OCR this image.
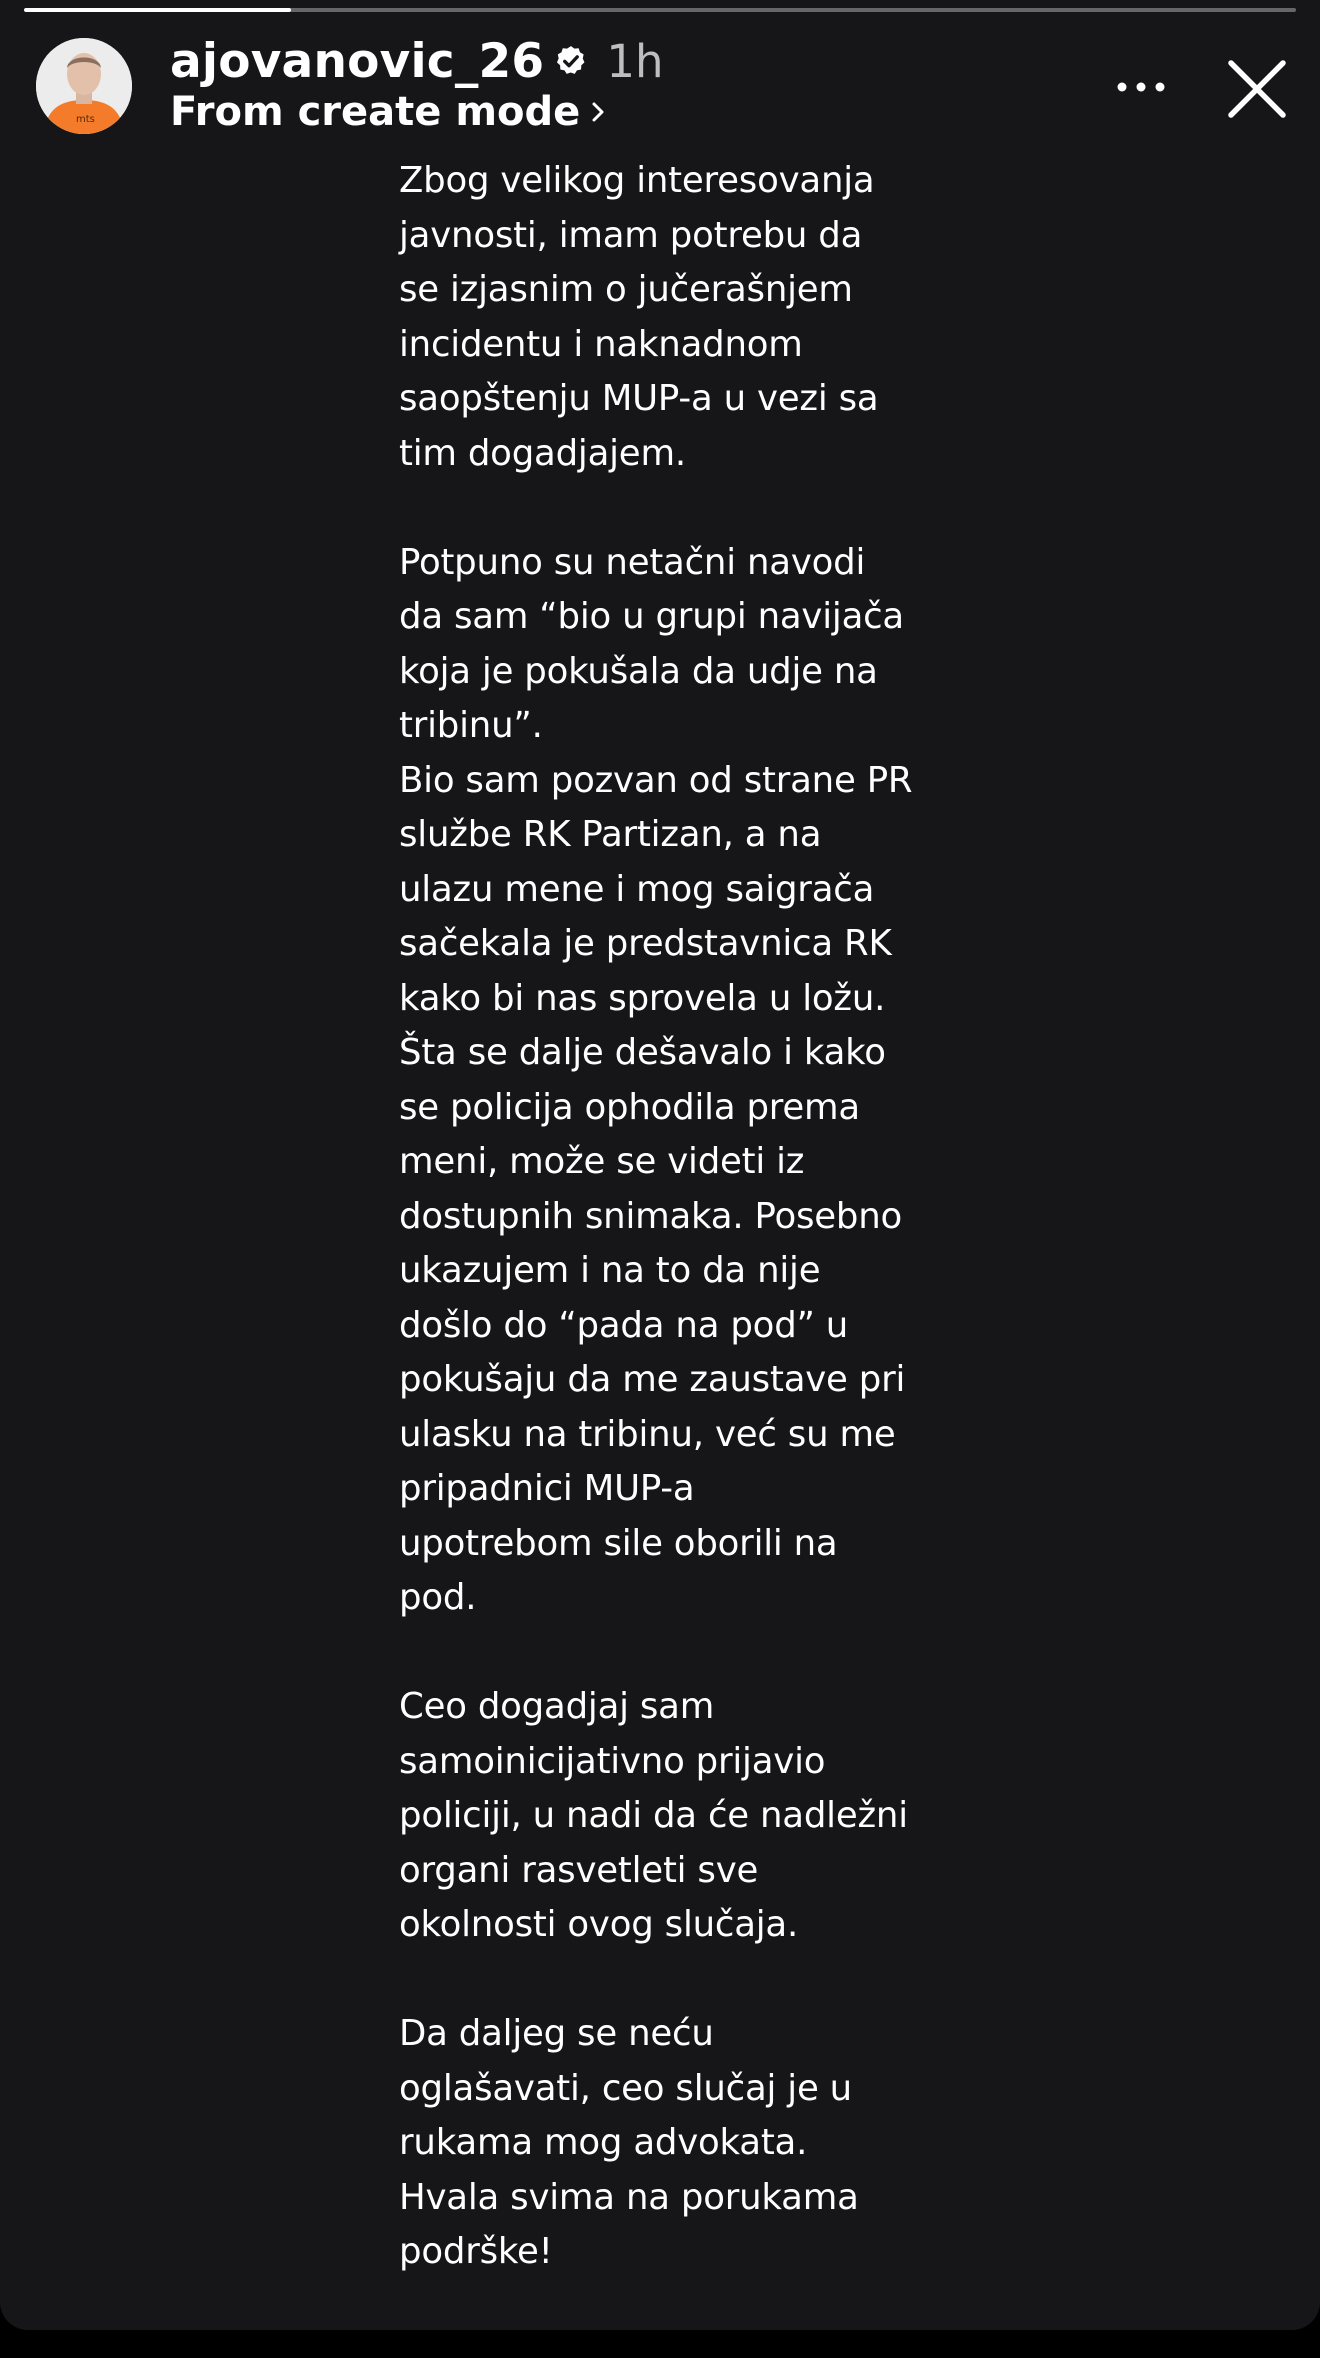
mts
ajovanovic_26 1h
From create mode
Zbog velikog interesovanja
javnosti, imam potrebu da
se izjasnim o jučerašnjem
incidentu i naknadnom
saopštenju MUP-a u vezi sa
tim dogadjajem.
Potpuno su netačni navodi
da sam “bio u grupi navijača
koja je pokušala da udje na
tribinu”.
Bio sam pozvan od strane PR
službe RK Partizan, a na
ulazu mene i mog saigrača
sačekala je predstavnica RK
kako bi nas sprovela u ložu.
Šta se dalje dešavalo i kako
se policija ophodila prema
meni, može se videti iz
dostupnih snimaka. Posebno
ukazujem i na to da nije
došlo do “pada na pod” u
pokušaju da me zaustave pri
ulasku na tribinu, već su me
pripadnici MUP-a
upotrebom sile oborili na
pod.
Ceo dogadjaj sam
samoinicijativno prijavio
policiji, u nadi da će nadležni
organi rasvetleti sve
okolnosti ovog slučaja.
Da daljeg se neću
oglašavati, ceo slučaj je u
rukama mog advokata.
Hvala svima na porukama
podrške!
